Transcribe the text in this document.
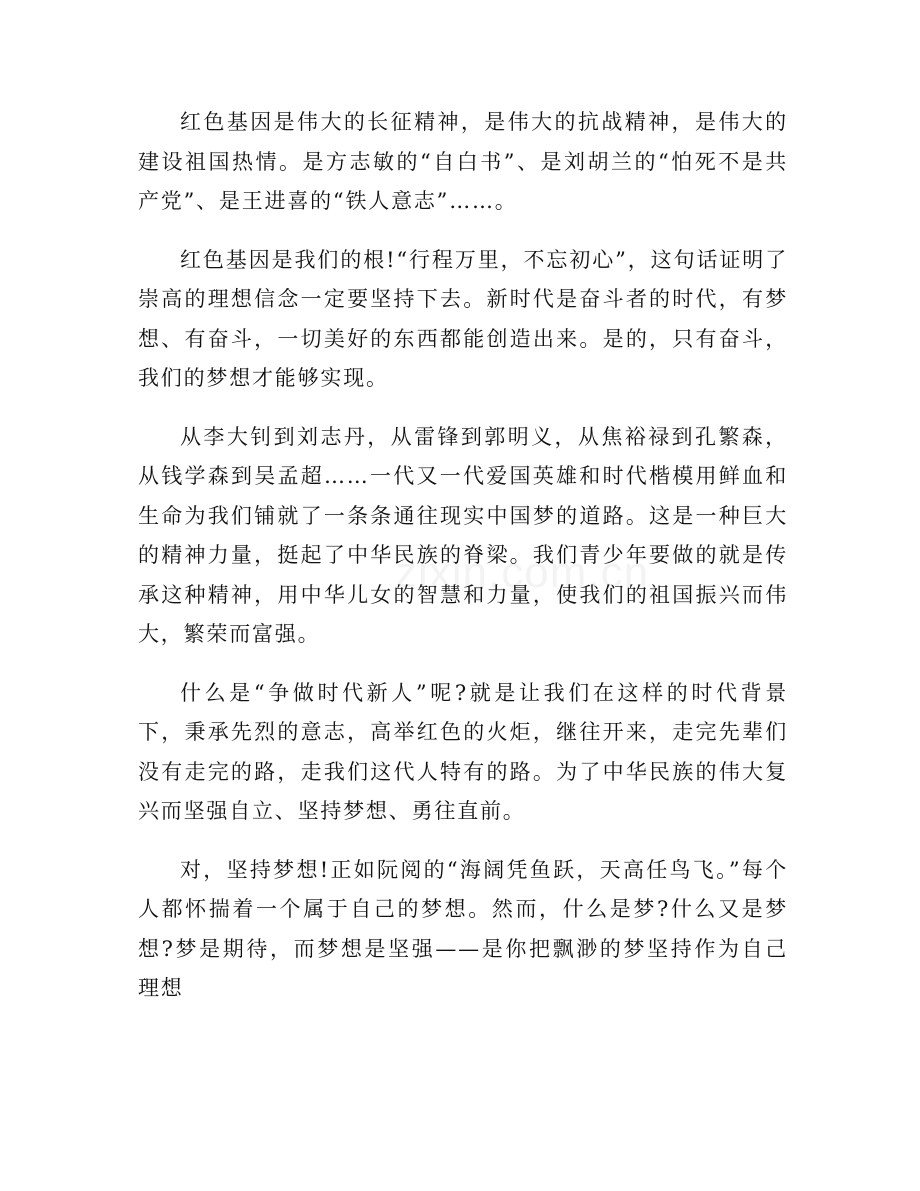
红色基因是伟大的长征精神，是伟大的抗战精神，是伟大的建设祖国热情。是方志敏的“自白书”、是刘胡兰的“怕死不是共产党”、是王进喜的“铁人意志”……。

红色基因是我们的根!“行程万里，不忘初心”，这句话证明了崇高的理想信念一定要坚持下去。新时代是奋斗者的时代，有梦想、有奋斗，一切美好的东西都能创造出来。是的，只有奋斗，我们的梦想才能够实现。

从李大钊到刘志丹，从雷锋到郭明义，从焦裕禄到孔繁森，从钱学森到吴孟超……一代又一代爱国英雄和时代楷模用鲜血和生命为我们铺就了一条条通往现实中国梦的道路。这是一种巨大的精神力量，挺起了中华民族的脊梁。我们青少年要做的就是传承这种精神，用中华儿女的智慧和力量，使我们的祖国振兴而伟大，繁荣而富强。

什么是“争做时代新人”呢?就是让我们在这样的时代背景下，秉承先烈的意志，高举红色的火炬，继往开来，走完先辈们没有走完的路，走我们这代人特有的路。为了中华民族的伟大复兴而坚强自立、坚持梦想、勇往直前。

对，坚持梦想!正如阮阅的“海阔凭鱼跃，天高任鸟飞。”每个人都怀揣着一个属于自己的梦想。然而，什么是梦?什么又是梦想?梦是期待，而梦想是坚强——是你把飘渺的梦坚持作为自己理想
